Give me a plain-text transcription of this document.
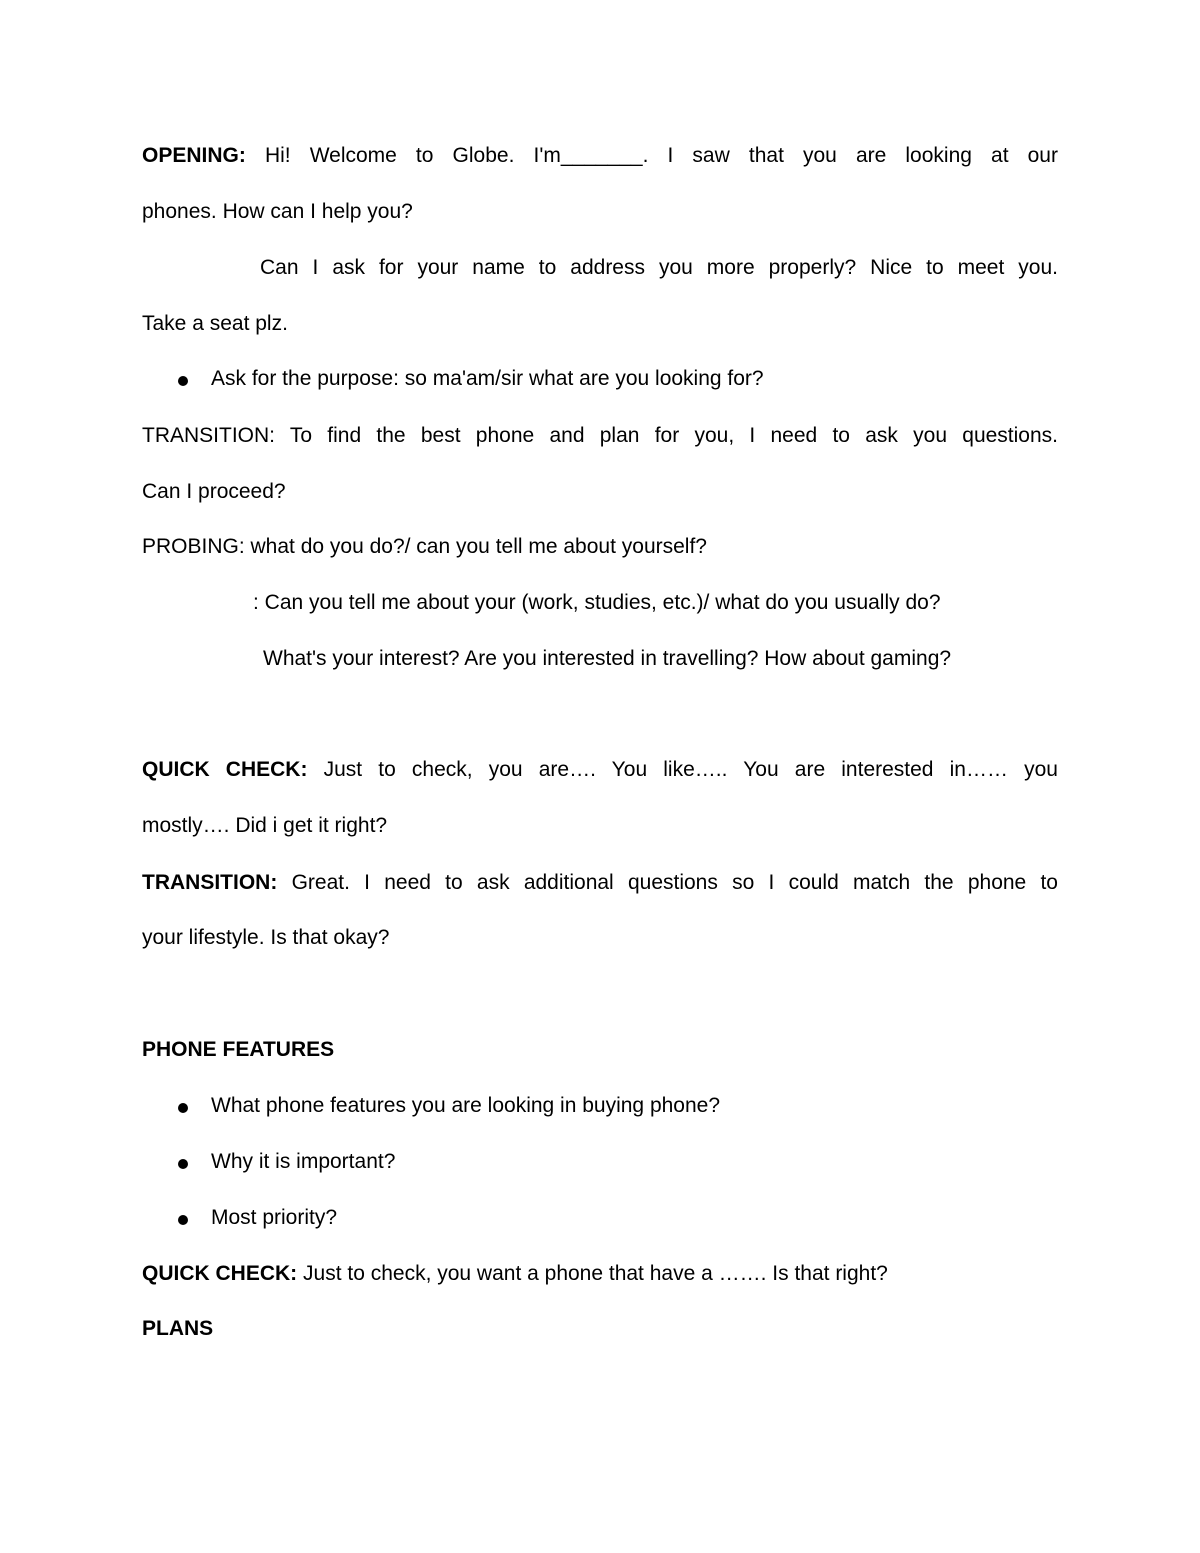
OPENING: Hi! Welcome to Globe. I'm_______. I saw that you are looking at our
phones. How can I help you?
Can I ask for your name to address you more properly? Nice to meet you.
Take a seat plz.
Ask for the purpose: so ma'am/sir what are you looking for?
TRANSITION: To find the best phone and plan for you, I need to ask you questions.
Can I proceed?
PROBING: what do you do?/ can you tell me about yourself?
: Can you tell me about your (work, studies, etc.)/ what do you usually do?
What's your interest? Are you interested in travelling? How about gaming?
QUICK CHECK: Just to check, you are…. You like….. You are interested in…… you
mostly…. Did i get it right?
TRANSITION: Great. I need to ask additional questions so I could match the phone to
your lifestyle. Is that okay?
PHONE FEATURES
What phone features you are looking in buying phone?
Why it is important?
Most priority?
QUICK CHECK: Just to check, you want a phone that have a ……. Is that right?
PLANS
